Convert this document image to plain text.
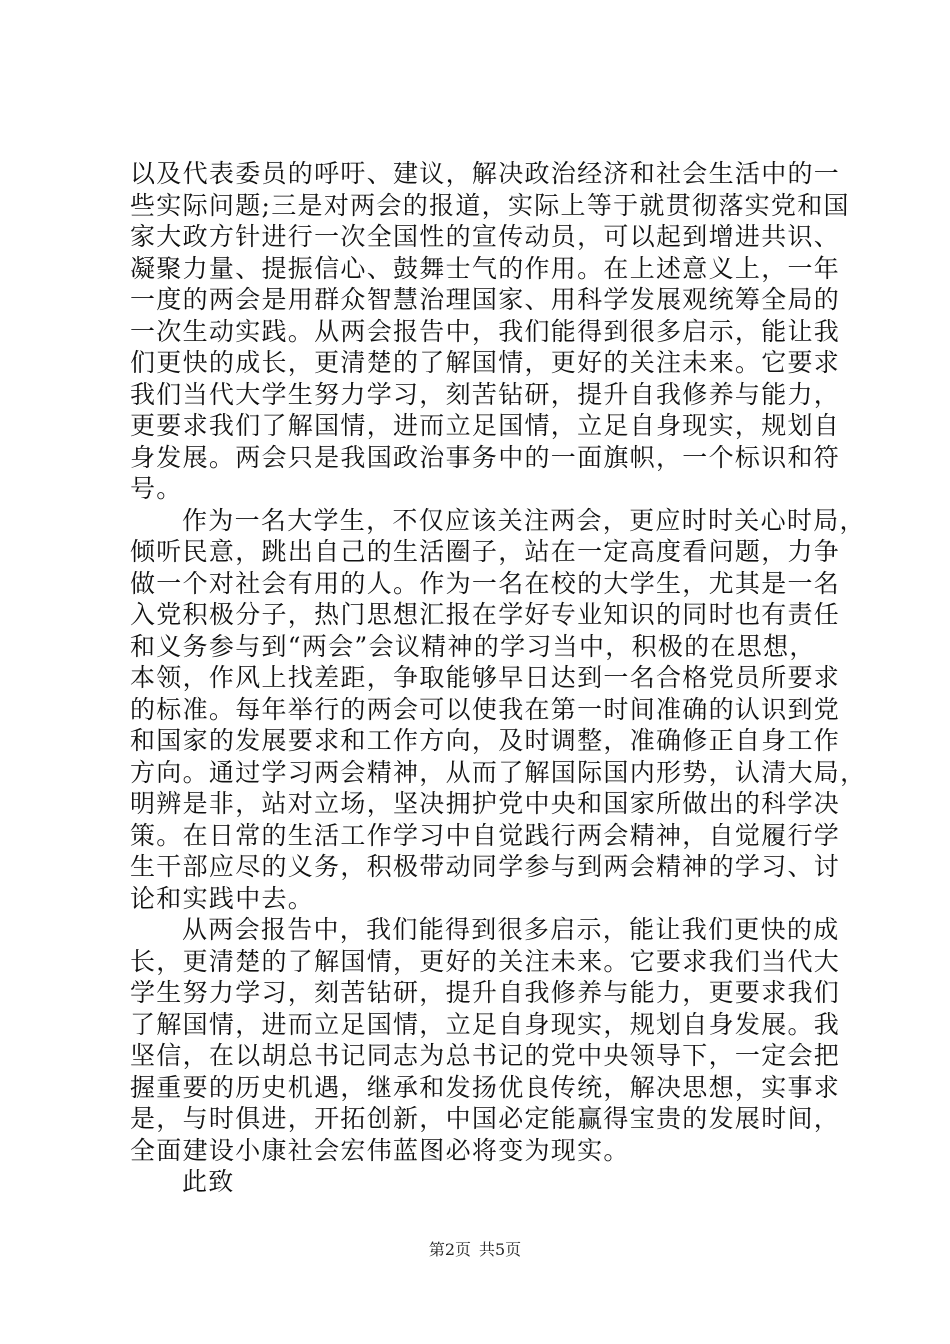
以及代表委员的呼吁、建议，解决政治经济和社会生活中的一
些实际问题;三是对两会的报道，实际上等于就贯彻落实党和国
家大政方针进行一次全国性的宣传动员，可以起到增进共识、
凝聚力量、提振信心、鼓舞士气的作用。在上述意义上，一年
一度的两会是用群众智慧治理国家、用科学发展观统筹全局的
一次生动实践。从两会报告中，我们能得到很多启示，能让我
们更快的成长，更清楚的了解国情，更好的关注未来。它要求
我们当代大学生努力学习，刻苦钻研，提升自我修养与能力，
更要求我们了解国情，进而立足国情，立足自身现实，规划自
身发展。两会只是我国政治事务中的一面旗帜，一个标识和符
号。
作为一名大学生，不仅应该关注两会，更应时时关心时局，
倾听民意，跳出自己的生活圈子，站在一定高度看问题，力争
做一个对社会有用的人。作为一名在校的大学生，尤其是一名
入党积极分子，热门思想汇报在学好专业知识的同时也有责任
和义务参与到“两会”会议精神的学习当中，积极的在思想，
本领，作风上找差距，争取能够早日达到一名合格党员所要求
的标准。每年举行的两会可以使我在第一时间准确的认识到党
和国家的发展要求和工作方向，及时调整，准确修正自身工作
方向。通过学习两会精神，从而了解国际国内形势，认清大局，
明辨是非，站对立场，坚决拥护党中央和国家所做出的科学决
策。在日常的生活工作学习中自觉践行两会精神，自觉履行学
生干部应尽的义务，积极带动同学参与到两会精神的学习、讨
论和实践中去。
从两会报告中，我们能得到很多启示，能让我们更快的成
长，更清楚的了解国情，更好的关注未来。它要求我们当代大
学生努力学习，刻苦钻研，提升自我修养与能力，更要求我们
了解国情，进而立足国情，立足自身现实，规划自身发展。我
坚信，在以胡总书记同志为总书记的党中央领导下，一定会把
握重要的历史机遇，继承和发扬优良传统，解决思想，实事求
是，与时俱进，开拓创新，中国必定能赢得宝贵的发展时间，
全面建设小康社会宏伟蓝图必将变为现实。
此致
第2页 共5页
